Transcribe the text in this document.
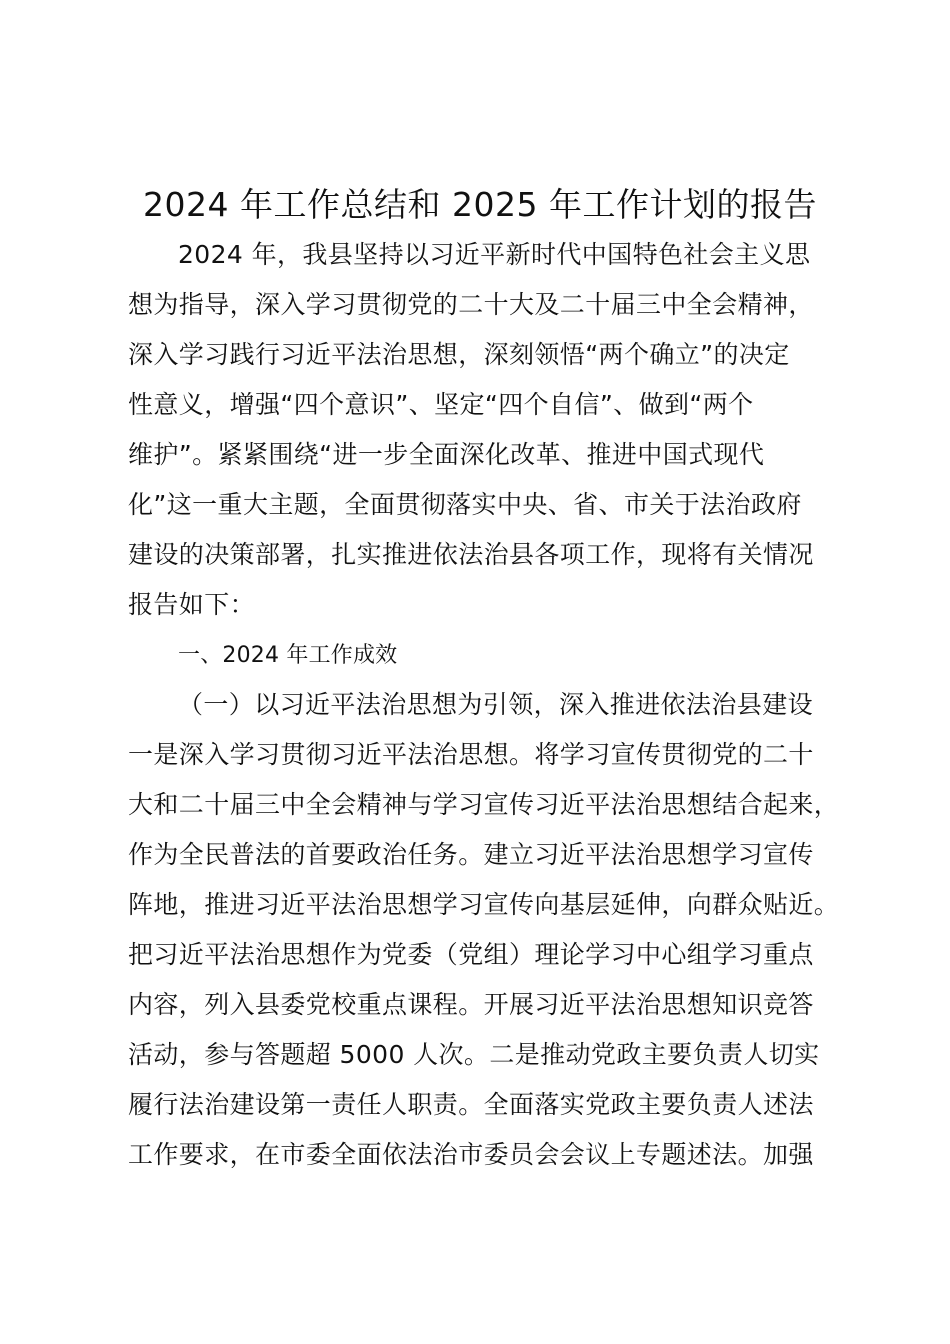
2024 年工作总结和 2025 年工作计划的报告
2024 年，我县坚持以习近平新时代中国特色社会主义思
想为指导，深入学习贯彻党的二十大及二十届三中全会精神，
深入学习践行习近平法治思想，深刻领悟“两个确立”的决定
性意义，增强“四个意识”、坚定“四个自信”、做到“两个
维护”。紧紧围绕“进一步全面深化改革、推进中国式现代
化”这一重大主题，全面贯彻落实中央、省、市关于法治政府
建设的决策部署，扎实推进依法治县各项工作，现将有关情况
报告如下：
一、2024 年工作成效
（一）以习近平法治思想为引领，深入推进依法治县建设
一是深入学习贯彻习近平法治思想。将学习宣传贯彻党的二十
大和二十届三中全会精神与学习宣传习近平法治思想结合起来，
作为全民普法的首要政治任务。建立习近平法治思想学习宣传
阵地，推进习近平法治思想学习宣传向基层延伸，向群众贴近。
把习近平法治思想作为党委（党组）理论学习中心组学习重点
内容，列入县委党校重点课程。开展习近平法治思想知识竞答
活动，参与答题超 5000 人次。二是推动党政主要负责人切实
履行法治建设第一责任人职责。全面落实党政主要负责人述法
工作要求，在市委全面依法治市委员会会议上专题述法。加强
